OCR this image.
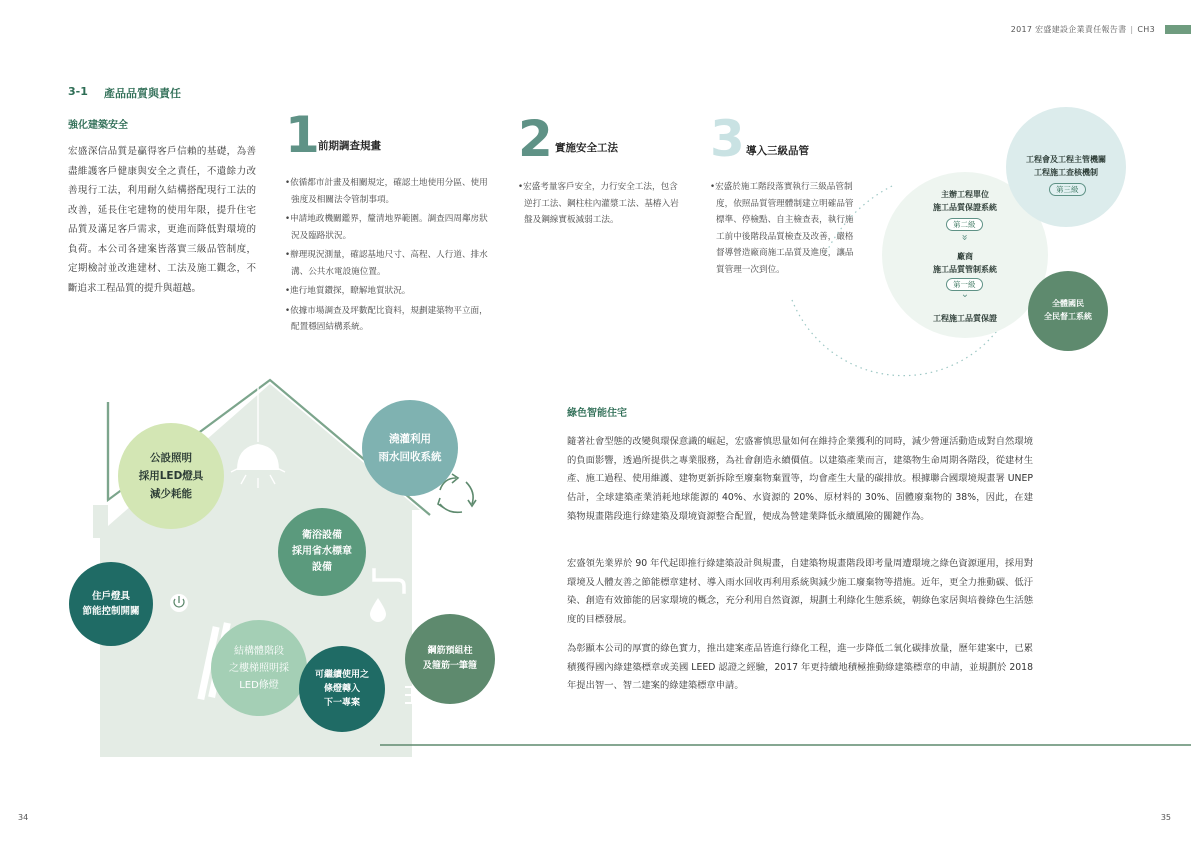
2017 宏盛建設企業責任報告書 | CH3
3-1 產品品質與責任
強化建築安全
宏盛深信品質是贏得客戶信賴的基礎，為善盡維護客戶健康與安全之責任，不遺餘力改善現行工法，利用耐久結構搭配現行工法的改善，延長住宅建物的使用年限，提升住宅品質及滿足客戶需求，更進而降低對環境的負荷。本公司各建案皆落實三級品管制度，定期檢討並改進建材、工法及施工觀念，不斷追求工程品質的提升與超越。
1
前期調查規畫
•依循都市計畫及相關規定，確認土地使用分區、使用強度及相關法令管制事項。
•申請地政機關鑑界，釐清地界範圍。調查四周鄰房狀況及臨路狀況。
•辦理現況測量，確認基地尺寸、高程、人行道、排水溝、公共水電設施位置。
•進行地質鑽探，瞭解地質狀況。
•依據市場調查及坪數配比資料，規劃建築物平立面，配置穩固結構系統。
2 實施安全工法
•宏盛考量客戶安全，力行安全工法，包含逆打工法、鋼柱柱內灌漿工法、基樁入岩盤及鋼線實板減弱工法。
3 導入三級品管
•宏盛於施工階段落實執行三級品管制度，依照品質管理體制建立明確品管標準、停檢點、自主檢查表，執行施工前中後階段品質檢查及改善，嚴格督導營造廠商施工品質及進度，讓品質管理一次到位。
工程會及工程主管機關
工程施工查核機制
第三級
主辦工程單位
施工品質保證系統
第二級
»
廠商
施工品質管制系統
第一級
⌄
工程施工品質保證
全體國民
全民督工系統
公設照明
採用LED燈具
減少耗能
澆灌利用
雨水回收系統
衛浴設備
採用省水標章
設備
住戶燈具
節能控制開關
結構體階段
之樓梯照明採
LED條燈
可繼續使用之
條燈轉入
下一專案
鋼筋預組柱
及箍筋一筆箍
綠色智能住宅
隨著社會型態的改變與環保意識的崛起，宏盛審慎思量如何在維持企業獲利的同時，減少營運活動造成對自然環境的負面影響，透過所提供之專業服務，為社會創造永續價值。以建築產業而言，建築物生命周期各階段，從建材生產、施工過程、使用維護、建物更新拆除至廢棄物棄置等，均會產生大量的碳排放。根據聯合國環境規畫署 UNEP 估計，全球建築產業消耗地球能源的 40%、水資源的 20%、原材料的 30%、固體廢棄物的 38%，因此，在建築物規畫階段進行綠建築及環境資源整合配置，便成為營建業降低永續風險的關鍵作為。
宏盛領先業界於 90 年代起即推行綠建築設計與規畫，自建築物規畫階段即考量周遭環境之綠色資源運用，採用對環境及人體友善之節能標章建材、導入雨水回收再利用系統與減少施工廢棄物等措施。近年，更全力推動碳、低汙染、創造有效節能的居家環境的概念，充分利用自然資源，規劃土利綠化生態系統，朝綠色家居與培養綠色生活態度的目標發展。
為彰顯本公司的厚實的綠色實力，推出建案產品皆進行綠化工程，進一步降低二氧化碳排放量，歷年建案中，已累積獲得國內綠建築標章或美國 LEED 認證之經驗，2017 年更持續地積極推動綠建築標章的申請，並規劃於 2018 年提出智一、智二建案的綠建築標章申請。
34	35
